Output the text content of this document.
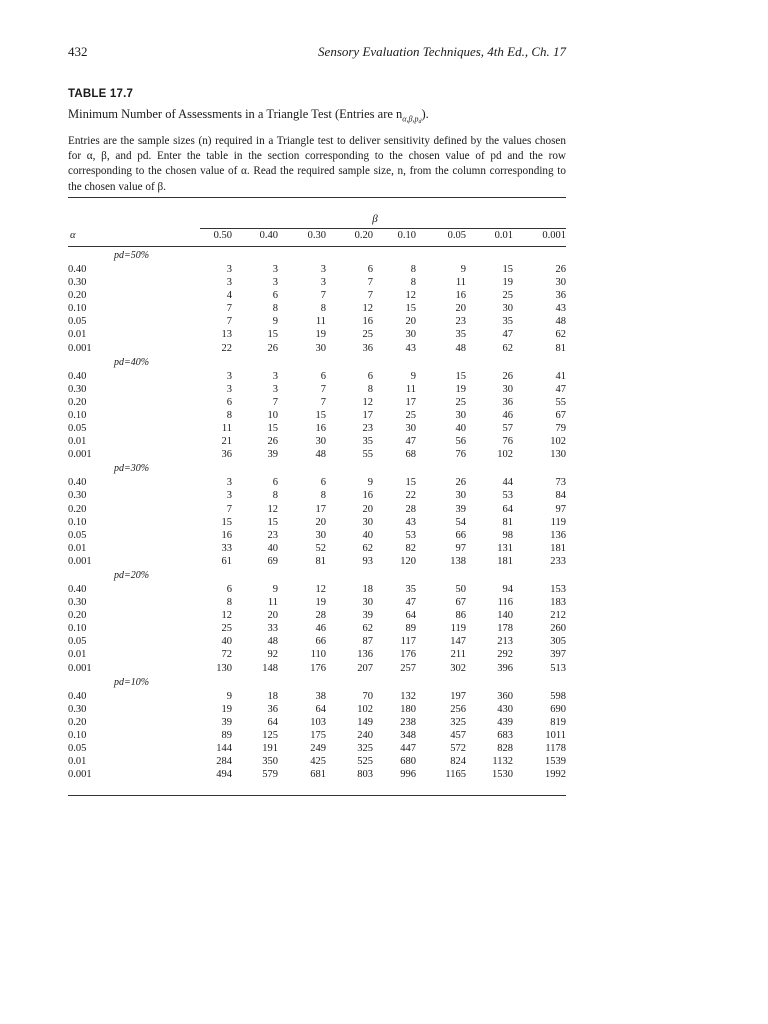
432	Sensory Evaluation Techniques, 4th Ed., Ch. 17
TABLE 17.7
Minimum Number of Assessments in a Triangle Test (Entries are $n_{\alpha,\beta,pd}$).
Entries are the sample sizes (n) required in a Triangle test to deliver sensitivity defined by the values chosen for α, β, and pd. Enter the table in the section corresponding to the chosen value of pd and the row corresponding to the chosen value of α. Read the required sample size, n, from the column corresponding to the chosen value of β.
β
α	0.50	0.40	0.30	0.20	0.10	0.05	0.01	0.001
pd=50%
0.40	3	3	3	6	8	9	15	26
0.30	3	3	3	7	8	11	19	30
0.20	4	6	7	7	12	16	25	36
0.10	7	8	8	12	15	20	30	43
0.05	7	9	11	16	20	23	35	48
0.01	13	15	19	25	30	35	47	62
0.001	22	26	30	36	43	48	62	81
pd=40%
0.40	3	3	6	6	9	15	26	41
0.30	3	3	7	8	11	19	30	47
0.20	6	7	7	12	17	25	36	55
0.10	8	10	15	17	25	30	46	67
0.05	11	15	16	23	30	40	57	79
0.01	21	26	30	35	47	56	76	102
0.001	36	39	48	55	68	76	102	130
pd=30%
0.40	3	6	6	9	15	26	44	73
0.30	3	8	8	16	22	30	53	84
0.20	7	12	17	20	28	39	64	97
0.10	15	15	20	30	43	54	81	119
0.05	16	23	30	40	53	66	98	136
0.01	33	40	52	62	82	97	131	181
0.001	61	69	81	93	120	138	181	233
pd=20%
0.40	6	9	12	18	35	50	94	153
0.30	8	11	19	30	47	67	116	183
0.20	12	20	28	39	64	86	140	212
0.10	25	33	46	62	89	119	178	260
0.05	40	48	66	87	117	147	213	305
0.01	72	92	110	136	176	211	292	397
0.001	130	148	176	207	257	302	396	513
pd=10%
0.40	9	18	38	70	132	197	360	598
0.30	19	36	64	102	180	256	430	690
0.20	39	64	103	149	238	325	439	819
0.10	89	125	175	240	348	457	683	1011
0.05	144	191	249	325	447	572	828	1178
0.01	284	350	425	525	680	824	1132	1539
0.001	494	579	681	803	996	1165	1530	1992
